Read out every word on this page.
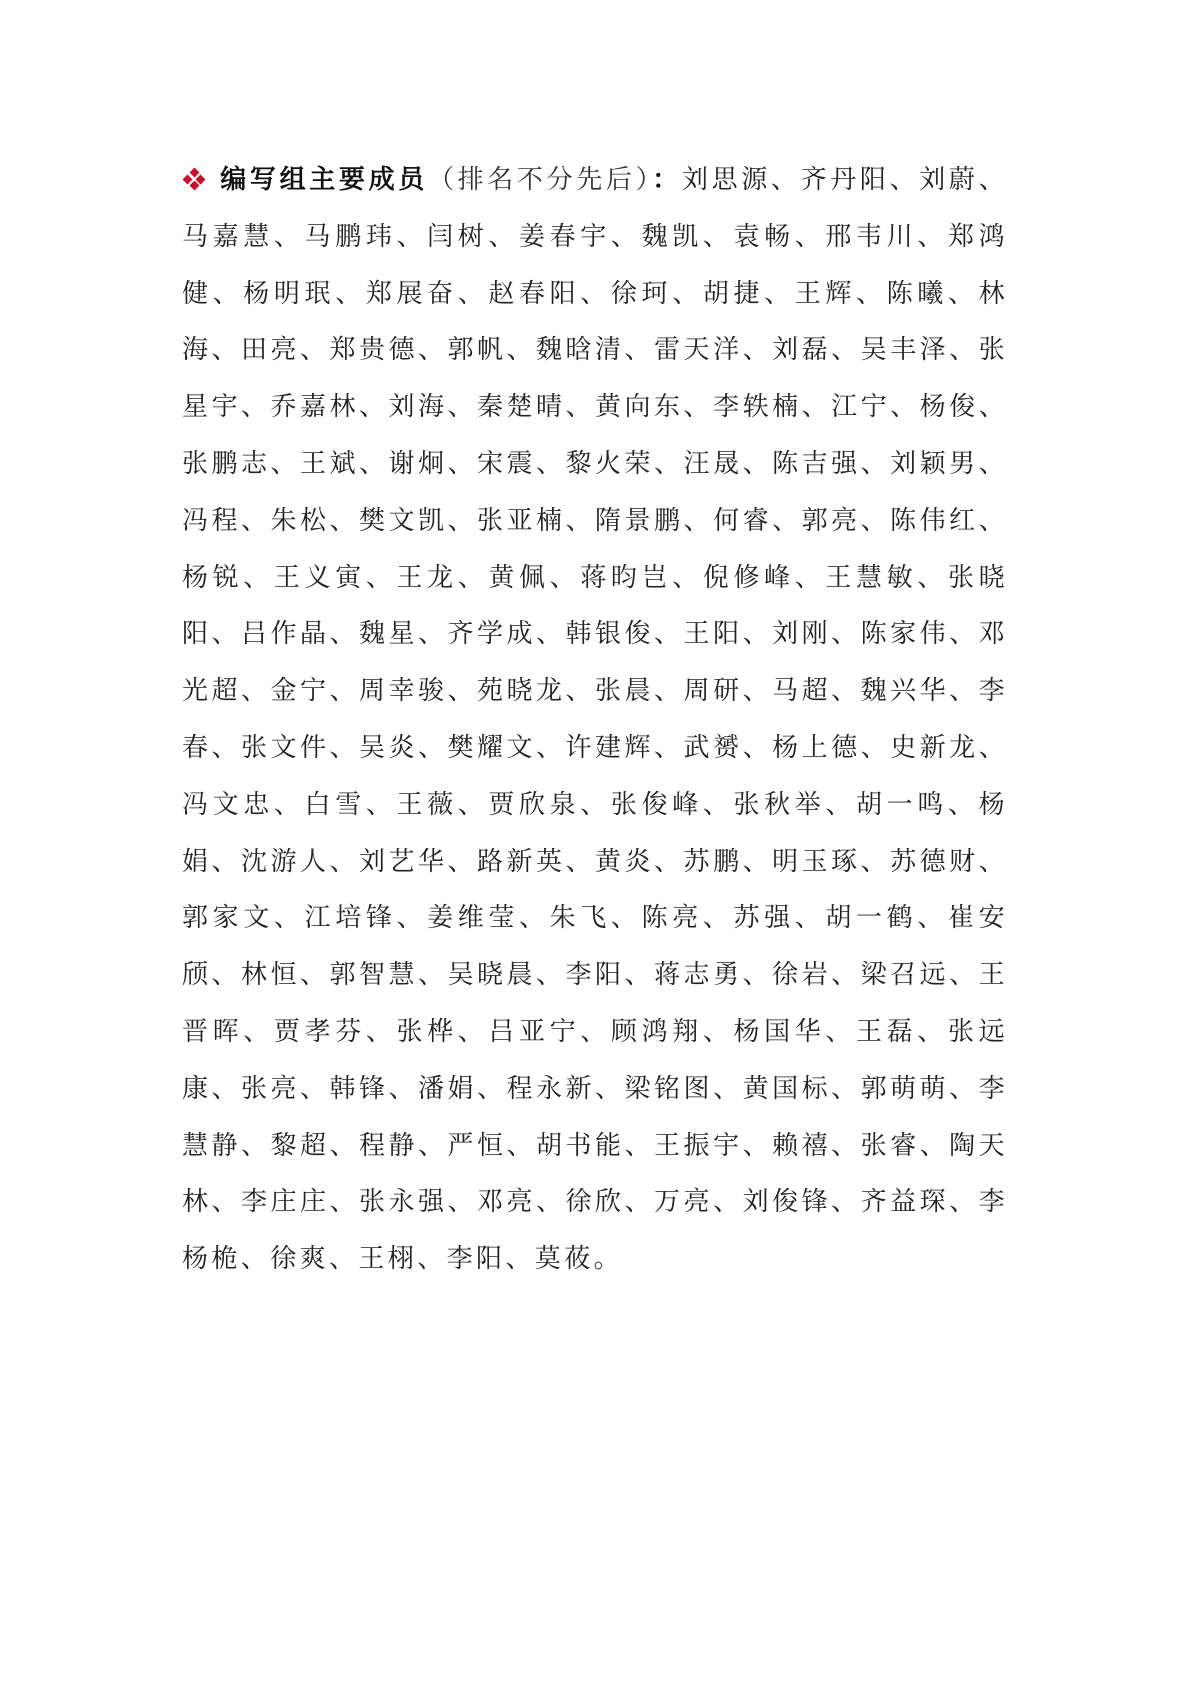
编写组主要成员（排名不分先后）：刘思源、齐丹阳、刘蔚、马嘉慧、马鹏玮、闫树、姜春宇、魏凯、袁畅、邢韦川、郑鸿健、杨明珉、郑展奋、赵春阳、徐珂、胡捷、王辉、陈曦、林海、田亮、郑贵德、郭帆、魏晗清、雷天洋、刘磊、吴丰泽、张星宇、乔嘉林、刘海、秦楚晴、黄向东、李轶楠、江宁、杨俊、张鹏志、王斌、谢炯、宋震、黎火荣、汪晟、陈吉强、刘颖男、冯程、朱松、樊文凯、张亚楠、隋景鹏、何睿、郭亮、陈伟红、杨锐、王义寅、王龙、黄佩、蒋昀岂、倪修峰、王慧敏、张晓阳、吕作晶、魏星、齐学成、韩银俊、王阳、刘刚、陈家伟、邓光超、金宁、周幸骏、苑晓龙、张晨、周研、马超、魏兴华、李春、张文件、吴炎、樊耀文、许建辉、武赟、杨上德、史新龙、冯文忠、白雪、王薇、贾欣泉、张俊峰、张秋举、胡一鸣、杨娟、沈游人、刘艺华、路新英、黄炎、苏鹏、明玉琢、苏德财、郭家文、江培锋、姜维莹、朱飞、陈亮、苏强、胡一鹤、崔安颀、林恒、郭智慧、吴晓晨、李阳、蒋志勇、徐岩、梁召远、王晋晖、贾孝芬、张桦、吕亚宁、顾鸿翔、杨国华、王磊、张远康、张亮、韩锋、潘娟、程永新、梁铭图、黄国标、郭萌萌、李慧静、黎超、程静、严恒、胡书能、王振宇、赖禧、张睿、陶天林、李庄庄、张永强、邓亮、徐欣、万亮、刘俊锋、齐益琛、李杨桅、徐爽、王栩、李阳、莫莜。
